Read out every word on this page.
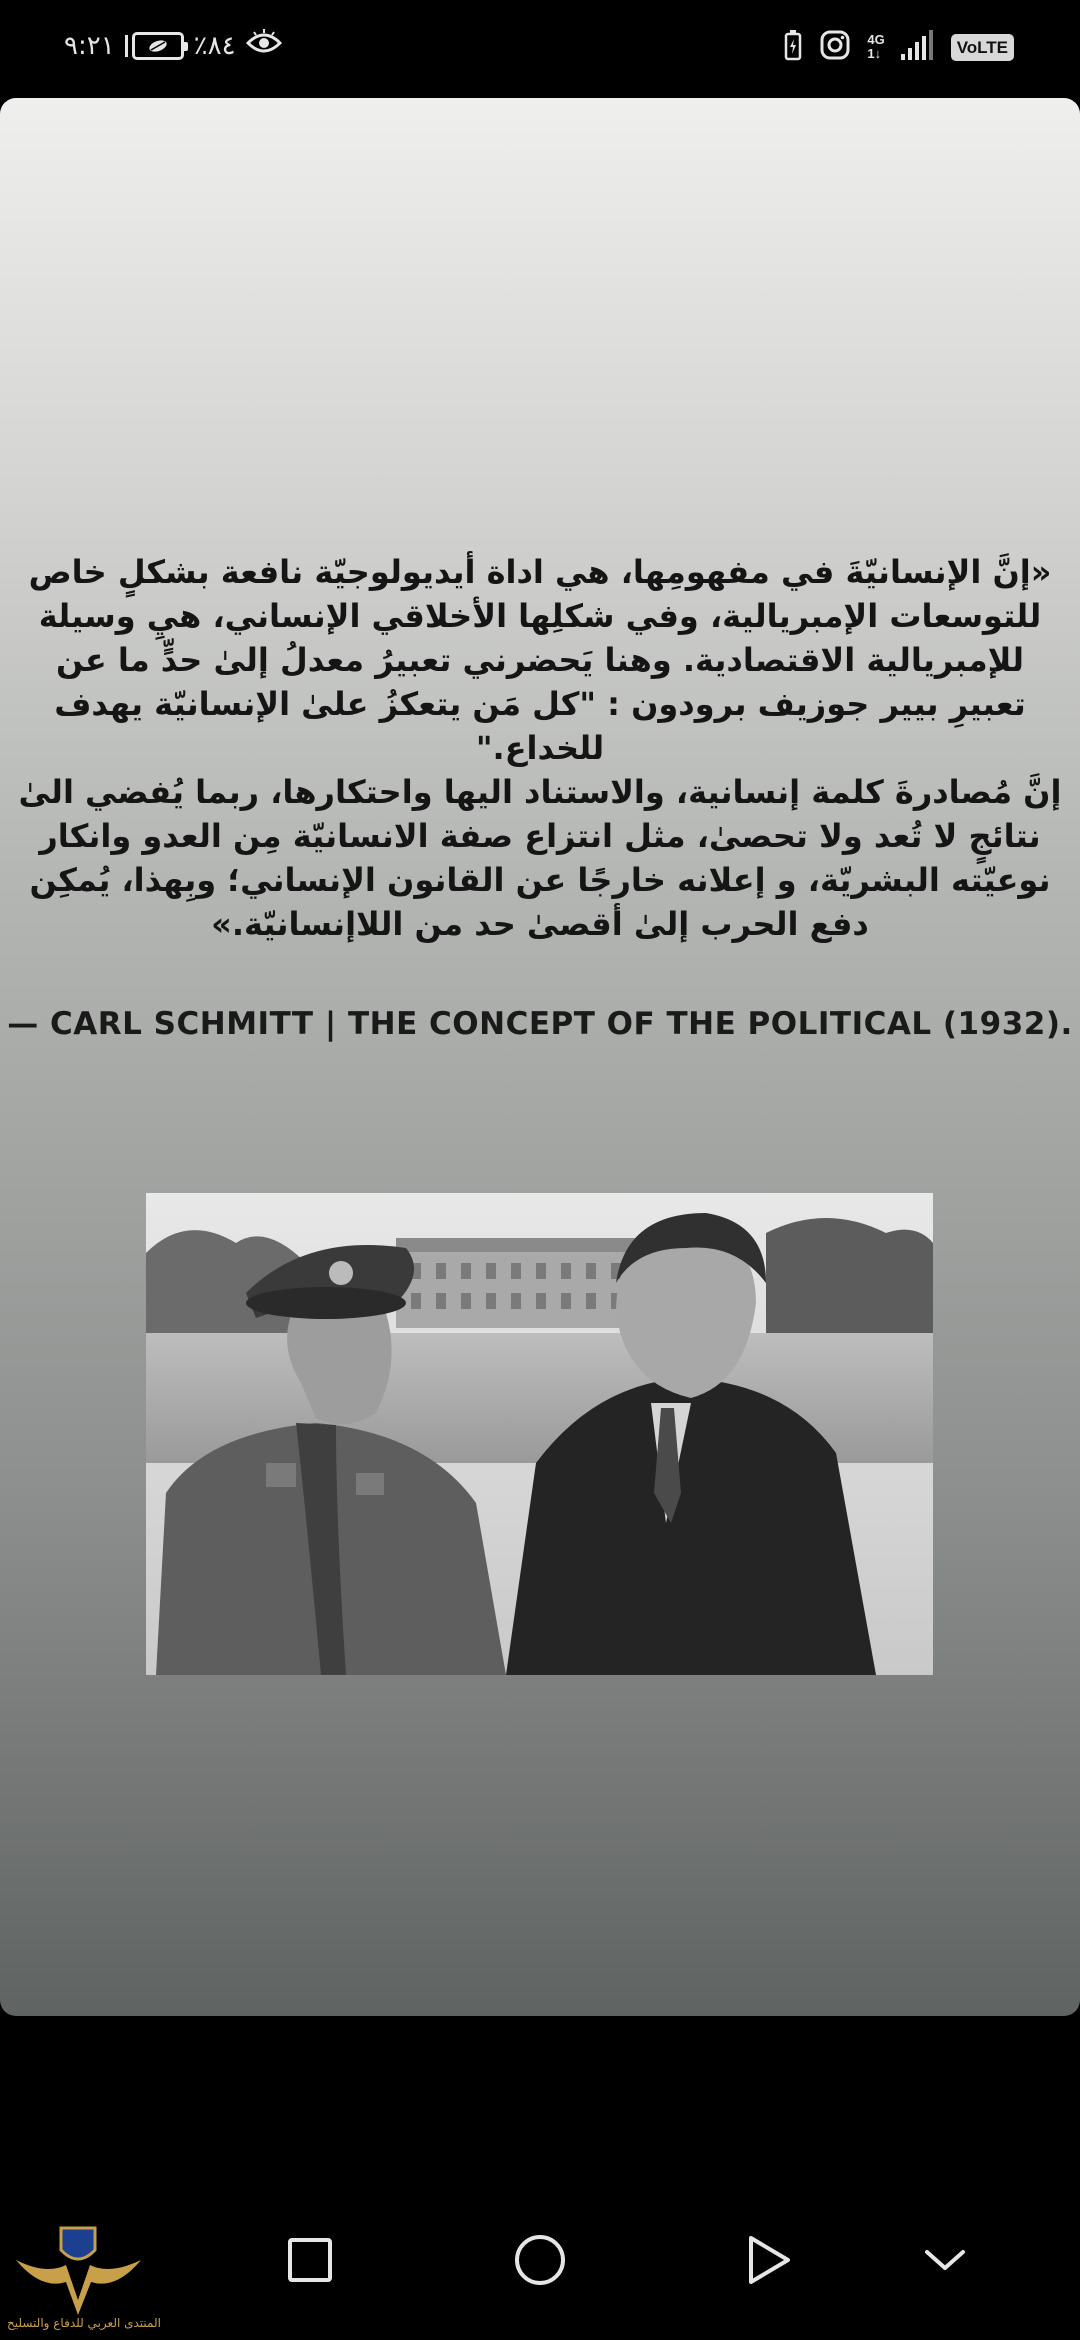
٩:٢١	٪٨٤	4G
1↓	VoLTE

«إنَّ الإنسانيّةَ في مفهومِها، هي اداة أيديولوجيّة نافعة بشكلٍ خاص للتوسعات الإمبريالية، وفي شكلِها الأخلاقي الإنساني، هيِ وسيلة للإمبريالية الاقتصادية. وهنا يَحضرني تعبيرُ معدلُ إلىٰ حدٍّ ما عن تعبيرِ بيير جوزيف برودون : "كل مَن يتعكزُ علىٰ الإنسانيّة يهدف للخداع."

إنَّ مُصادرةَ كلمة إنسانية، والاستناد اليها واحتكارها، ربما يُفضي الىٰ نتائجٍ لا تُعد ولا تحصىٰ، مثل انتزاع صفة الانسانيّة مِن العدو وانكار نوعيّته البشريّة، و إعلانه خارجًا عن القانون الإنساني؛ وبِهذا، يُمكِن دفع الحرب إلىٰ أقصىٰ حد من اللاإنسانيّة.»

— CARL SCHMITT | THE CONCEPT OF THE POLITICAL (1932).
المنتدى العربي للدفاع والتسليح
